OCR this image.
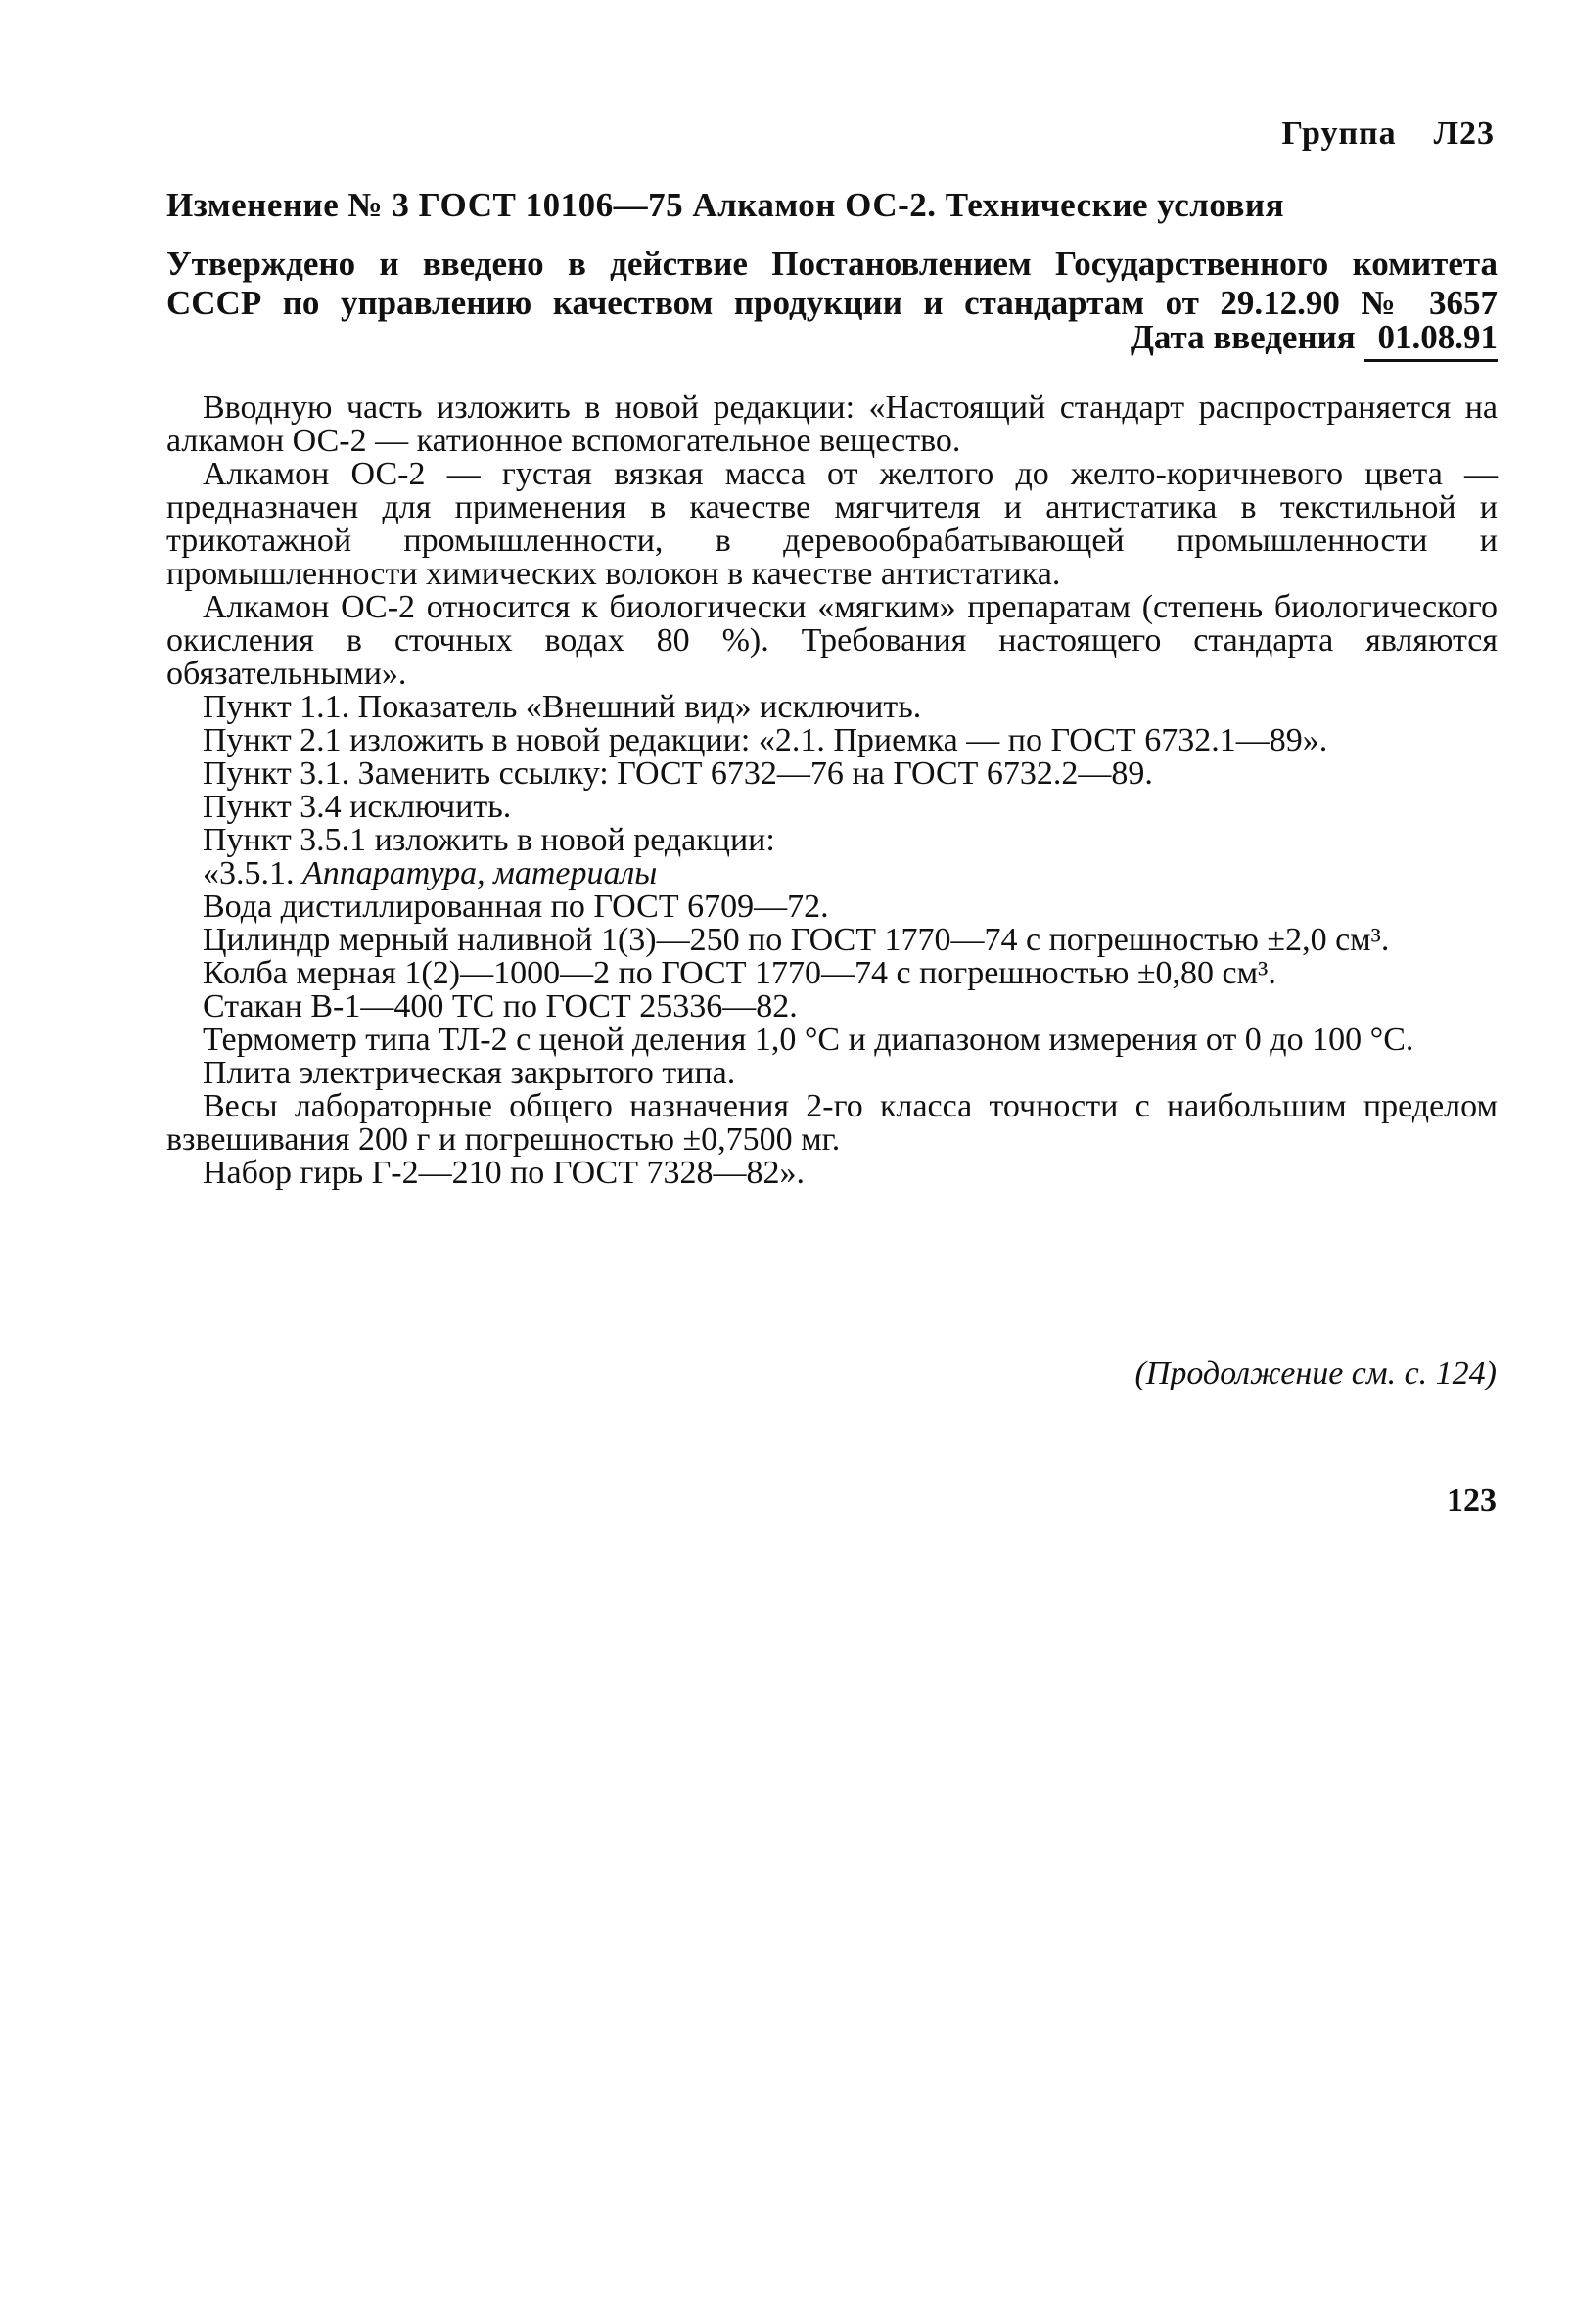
Группа Л23
Изменение № 3 ГОСТ 10106—75 Алкамон ОС-2. Технические условия
Утверждено и введено в действие Постановлением Государственного комитета
СССР по управлению качеством продукции и стандартам от 29.12.90 № 3657
Дата введения 01.08.91

Вводную часть изложить в новой редакции: «Настоящий стандарт распространяется на алкамон ОС-2 — катионное вспомогательное вещество.

Алкамон ОС-2 — густая вязкая масса от желтого до желто-коричневого цвета — предназначен для применения в качестве мягчителя и антистатика в текстильной и трикотажной промышленности, в деревообрабатывающей промышленности и промышленности химических волокон в качестве антистатика.

Алкамон ОС-2 относится к биологически «мягким» препаратам (степень биологического окисления в сточных водах 80 %). Требования настоящего стандарта являются обязательными».

Пункт 1.1. Показатель «Внешний вид» исключить.

Пункт 2.1 изложить в новой редакции: «2.1. Приемка — по ГОСТ 6732.1—89».

Пункт 3.1. Заменить ссылку: ГОСТ 6732—76 на ГОСТ 6732.2—89.

Пункт 3.4 исключить.

Пункт 3.5.1 изложить в новой редакции:

«3.5.1. Аппаратура, материалы

Вода дистиллированная по ГОСТ 6709—72.

Цилиндр мерный наливной 1(3)—250 по ГОСТ 1770—74 с погрешностью ±2,0 см³.

Колба мерная 1(2)—1000—2 по ГОСТ 1770—74 с погрешностью ±0,80 см³.

Стакан В-1—400 ТС по ГОСТ 25336—82.

Термометр типа ТЛ-2 с ценой деления 1,0 °С и диапазоном измерения от 0 до 100 °С.

Плита электрическая закрытого типа.

Весы лабораторные общего назначения 2-го класса точности с наибольшим пределом взвешивания 200 г и погрешностью ±0,7500 мг.

Набор гирь Г-2—210 по ГОСТ 7328—82».

(Продолжение см. с. 124)
123
